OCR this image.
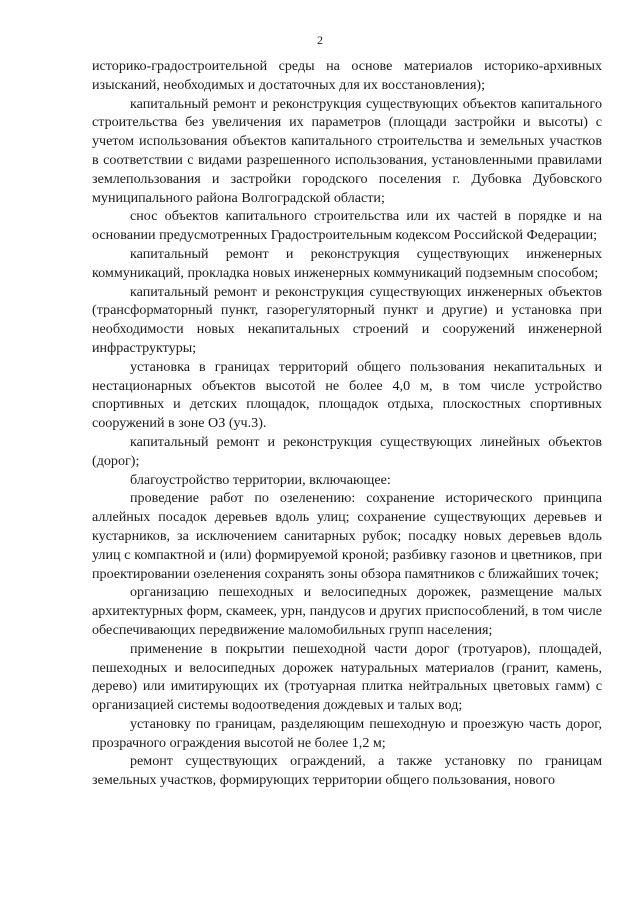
2

историко-градостроительной среды на основе материалов историко-архивных изысканий, необходимых и достаточных для их восстановления);

капитальный ремонт и реконструкция существующих объектов капитального строительства без увеличения их параметров (площади застройки и высоты) с учетом использования объектов капитального строительства и земельных участков в соответствии с видами разрешенного использования, установленными правилами землепользования и застройки городского поселения г. Дубовка Дубовского муниципального района Волгоградской области;

снос объектов капитального строительства или их частей в порядке и на основании предусмотренных Градостроительным кодексом Российской Федерации;

капитальный ремонт и реконструкция существующих инженерных коммуникаций, прокладка новых инженерных коммуникаций подземным способом;

капитальный ремонт и реконструкция существующих инженерных объектов (трансформаторный пункт, газорегуляторный пункт и другие) и установка при необходимости новых некапитальных строений и сооружений инженерной инфраструктуры;

установка в границах территорий общего пользования некапитальных и нестационарных объектов высотой не более 4,0 м, в том числе устройство спортивных и детских площадок, площадок отдыха, плоскостных спортивных сооружений в зоне ОЗ (уч.3).

капитальный ремонт и реконструкция существующих линейных объектов (дорог);

благоустройство территории, включающее:

проведение работ по озеленению: сохранение исторического принципа аллейных посадок деревьев вдоль улиц; сохранение существующих деревьев и кустарников, за исключением санитарных рубок; посадку новых деревьев вдоль улиц с компактной и (или) формируемой кроной; разбивку газонов и цветников, при проектировании озеленения сохранять зоны обзора памятников с ближайших точек;

организацию пешеходных и велосипедных дорожек, размещение малых архитектурных форм, скамеек, урн, пандусов и других приспособлений, в том числе обеспечивающих передвижение маломобильных групп населения;

применение в покрытии пешеходной части дорог (тротуаров), площадей, пешеходных и велосипедных дорожек натуральных материалов (гранит, камень, дерево) или имитирующих их (тротуарная плитка нейтральных цветовых гамм) с организацией системы водоотведения дождевых и талых вод;

установку по границам, разделяющим пешеходную и проезжую часть дорог, прозрачного ограждения высотой не более 1,2 м;

ремонт существующих ограждений, а также установку по границам земельных участков, формирующих территории общего пользования, нового
